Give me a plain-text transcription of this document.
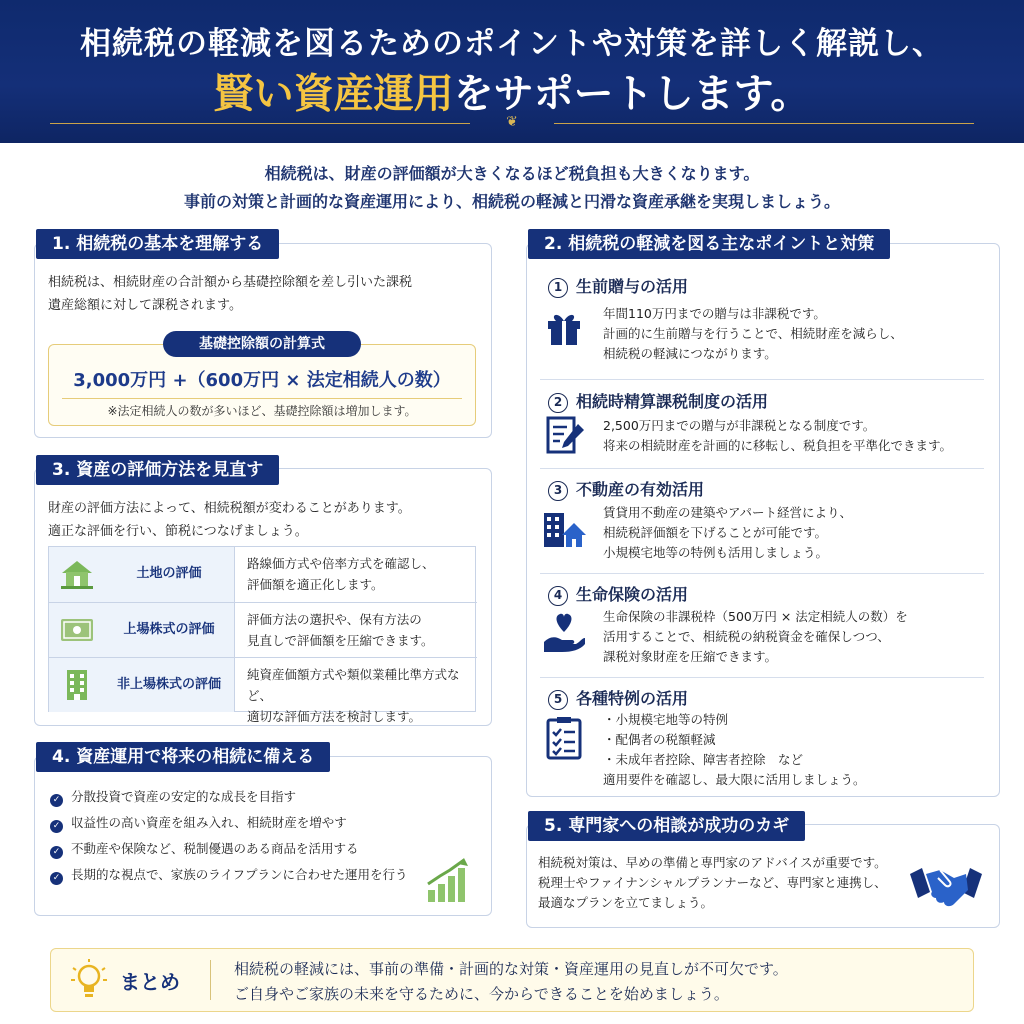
相続税の軽減を図るためのポイントや対策を詳しく解説し、
賢い資産運用をサポートします。
❦
相続税は、財産の評価額が大きくなるほど税負担も大きくなります。
事前の対策と計画的な資産運用により、相続税の軽減と円滑な資産承継を実現しましょう。
1. 相続税の基本を理解する
相続税は、相続財産の合計額から基礎控除額を差し引いた課税
遺産総額に対して課税されます。
基礎控除額の計算式
3,000万円 +（600万円 × 法定相続人の数）
※法定相続人の数が多いほど、基礎控除額は増加します。
3. 資産の評価方法を見直す
財産の評価方法によって、相続税額が変わることがあります。
適正な評価を行い、節税につなげましょう。
土地の評価
路線価方式や倍率方式を確認し、
評価額を適正化します。
上場株式の評価
評価方法の選択や、保有方法の
見直しで評価額を圧縮できます。
非上場株式の評価
純資産価額方式や類似業種比準方式など、
適切な評価方法を検討します。
4. 資産運用で将来の相続に備える
✓ 分散投資で資産の安定的な成長を目指す
✓ 収益性の高い資産を組み入れ、相続財産を増やす
✓ 不動産や保険など、税制優遇のある商品を活用する
✓ 長期的な視点で、家族のライフプランに合わせた運用を行う
2. 相続税の軽減を図る主なポイントと対策
1 生前贈与の活用
年間110万円までの贈与は非課税です。
計画的に生前贈与を行うことで、相続財産を減らし、
相続税の軽減につながります。
2 相続時精算課税制度の活用
2,500万円までの贈与が非課税となる制度です。
将来の相続財産を計画的に移転し、税負担を平準化できます。
3 不動産の有効活用
賃貸用不動産の建築やアパート経営により、
相続税評価額を下げることが可能です。
小規模宅地等の特例も活用しましょう。
4 生命保険の活用
生命保険の非課税枠（500万円 × 法定相続人の数）を
活用することで、相続税の納税資金を確保しつつ、
課税対象財産を圧縮できます。
5 各種特例の活用
・小規模宅地等の特例
・配偶者の税額軽減
・未成年者控除、障害者控除　など
適用要件を確認し、最大限に活用しましょう。
5. 専門家への相談が成功のカギ
相続税対策は、早めの準備と専門家のアドバイスが重要です。
税理士やファイナンシャルプランナーなど、専門家と連携し、
最適なプランを立てましょう。
まとめ
相続税の軽減には、事前の準備・計画的な対策・資産運用の見直しが不可欠です。
ご自身やご家族の未来を守るために、今からできることを始めましょう。
